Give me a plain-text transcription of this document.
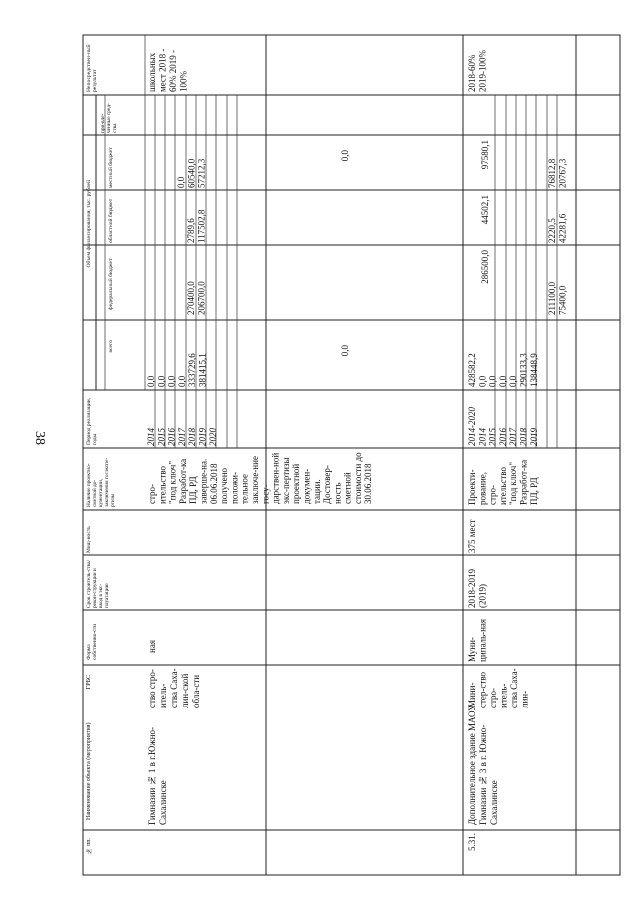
38
№ пп.
Наименование объекта (мероприятия)
ГРБС
Форма собственно-сти
Срок строитель-ства/рекон-струкции и ввод в экс-плуатацию
Мощ-ность
Наличие проектно-сметной до-кументации, заключения госэкспе-ртизы
Период реализации, годы
Объем финансирования, тыс. рублей
всего
федеральный бюджет
областной бюджет
местный бюджет
при-вле-ченные сред-ства
Непосредствен-ный результат
Гимназии № 1 в г.Южно-Сахалинске
ство стро-итель-ства Саха-лин-ской обла-сти
ная
стро-ительство "под ключ" Разработ-ка ПД, РД заверше-на. 06.06.2018 получено положи-тельное заключе-ние госу-дарствен-ной экс-пертизы проектной докумен-тации. Достовер-ность сметной стоимости до 30.06.2018
2014
2015
2016
2017
2018
2019
2020
0,0
0,0
0,0
0,0
333729,6
381415,1
270400,0
206700,0
2789,6
117502,8
0,0
60540,0
57212,3
0,0
0,0
школьных мест 2018 - 60% 2019 - 100%
5.31.
Дополнительное здание МАОУ Гимназии № 3 в г. Южно-Сахалинске
Мини-стер-ство стро-итель-ства Саха-лин-
Муни-ципаль-ная
2018-2019 (2019)
375 мест
Проекти-рование, стро-ительство "под ключ" Разработ-ка ПД, РД
2014-2020
2014
2015
2016
2017
2018
2019
428582,2
0,0
0,0
0,0
0,0
290133,3
138448,9
286500,0
211100,0
75400,0
44502,1
2220,5
42281,6
97580,1
76812,8
20767,3
2018-60% 2019-100%
